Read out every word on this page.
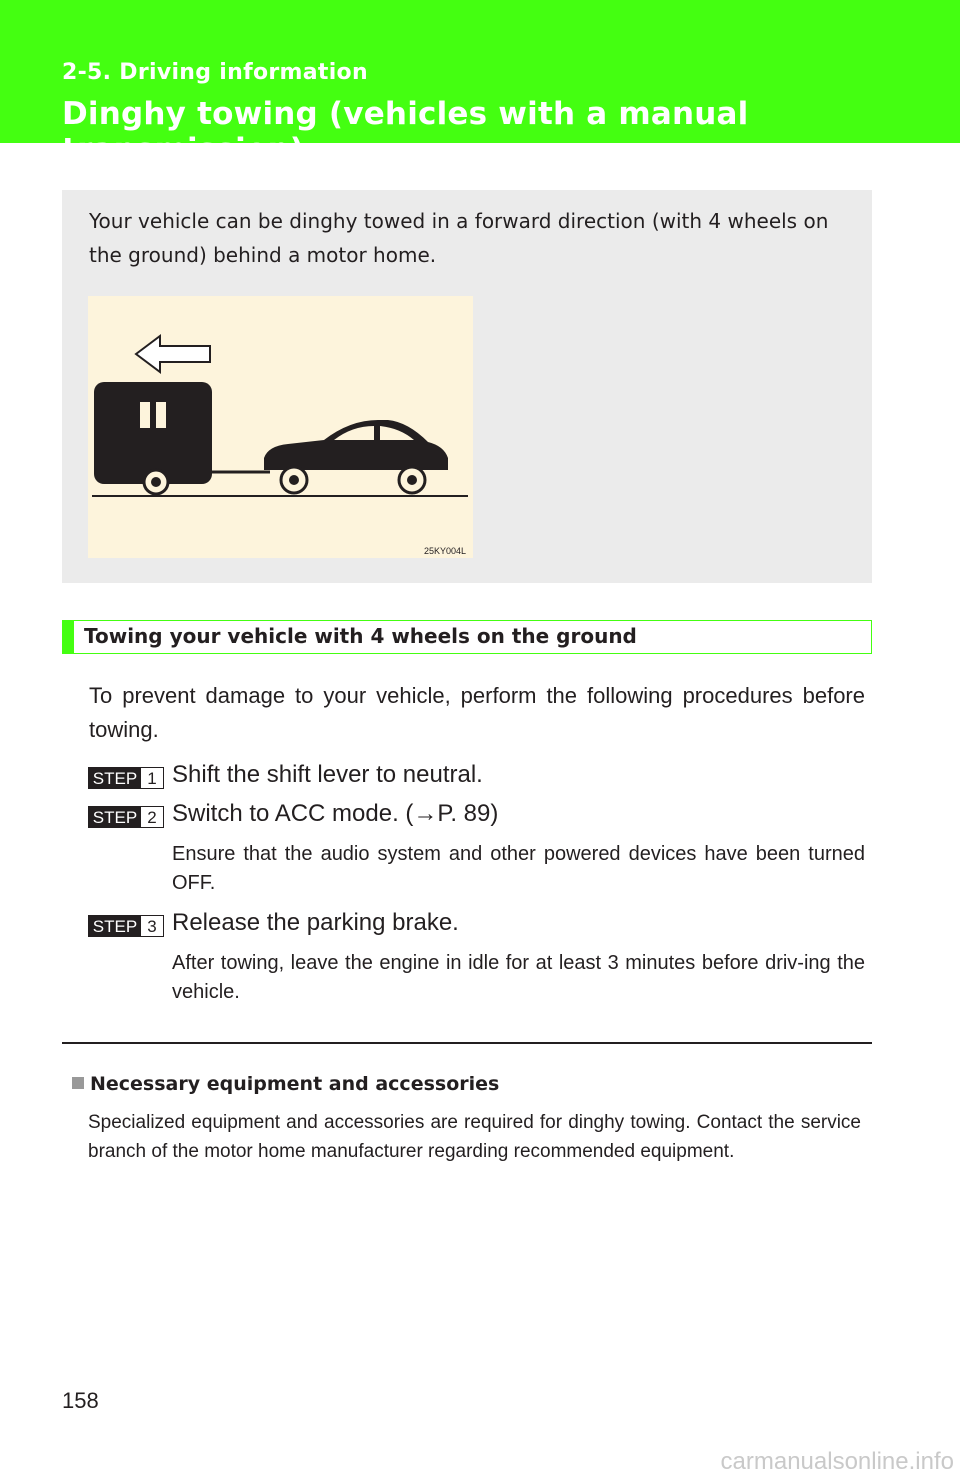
2-5. Driving information
Dinghy towing (vehicles with a manual transmission)

Your vehicle can be dinghy towed in a forward direction (with 4 wheels on the ground) behind a motor home.

25KY004L
Towing your vehicle with 4 wheels on the ground

To prevent damage to your vehicle, perform the following procedures before towing.

STEP 1 Shift the shift lever to neutral.
STEP 2 Switch to ACC mode. (→P. 89)

Ensure that the audio system and other powered devices have been turned OFF.

STEP 3 Release the parking brake.

After towing, leave the engine in idle for at least 3 minutes before driv-ing the vehicle.

Necessary equipment and accessories

Specialized equipment and accessories are required for dinghy towing. Contact the service branch of the motor home manufacturer regarding recommended equipment.

158
carmanualsonline.info
